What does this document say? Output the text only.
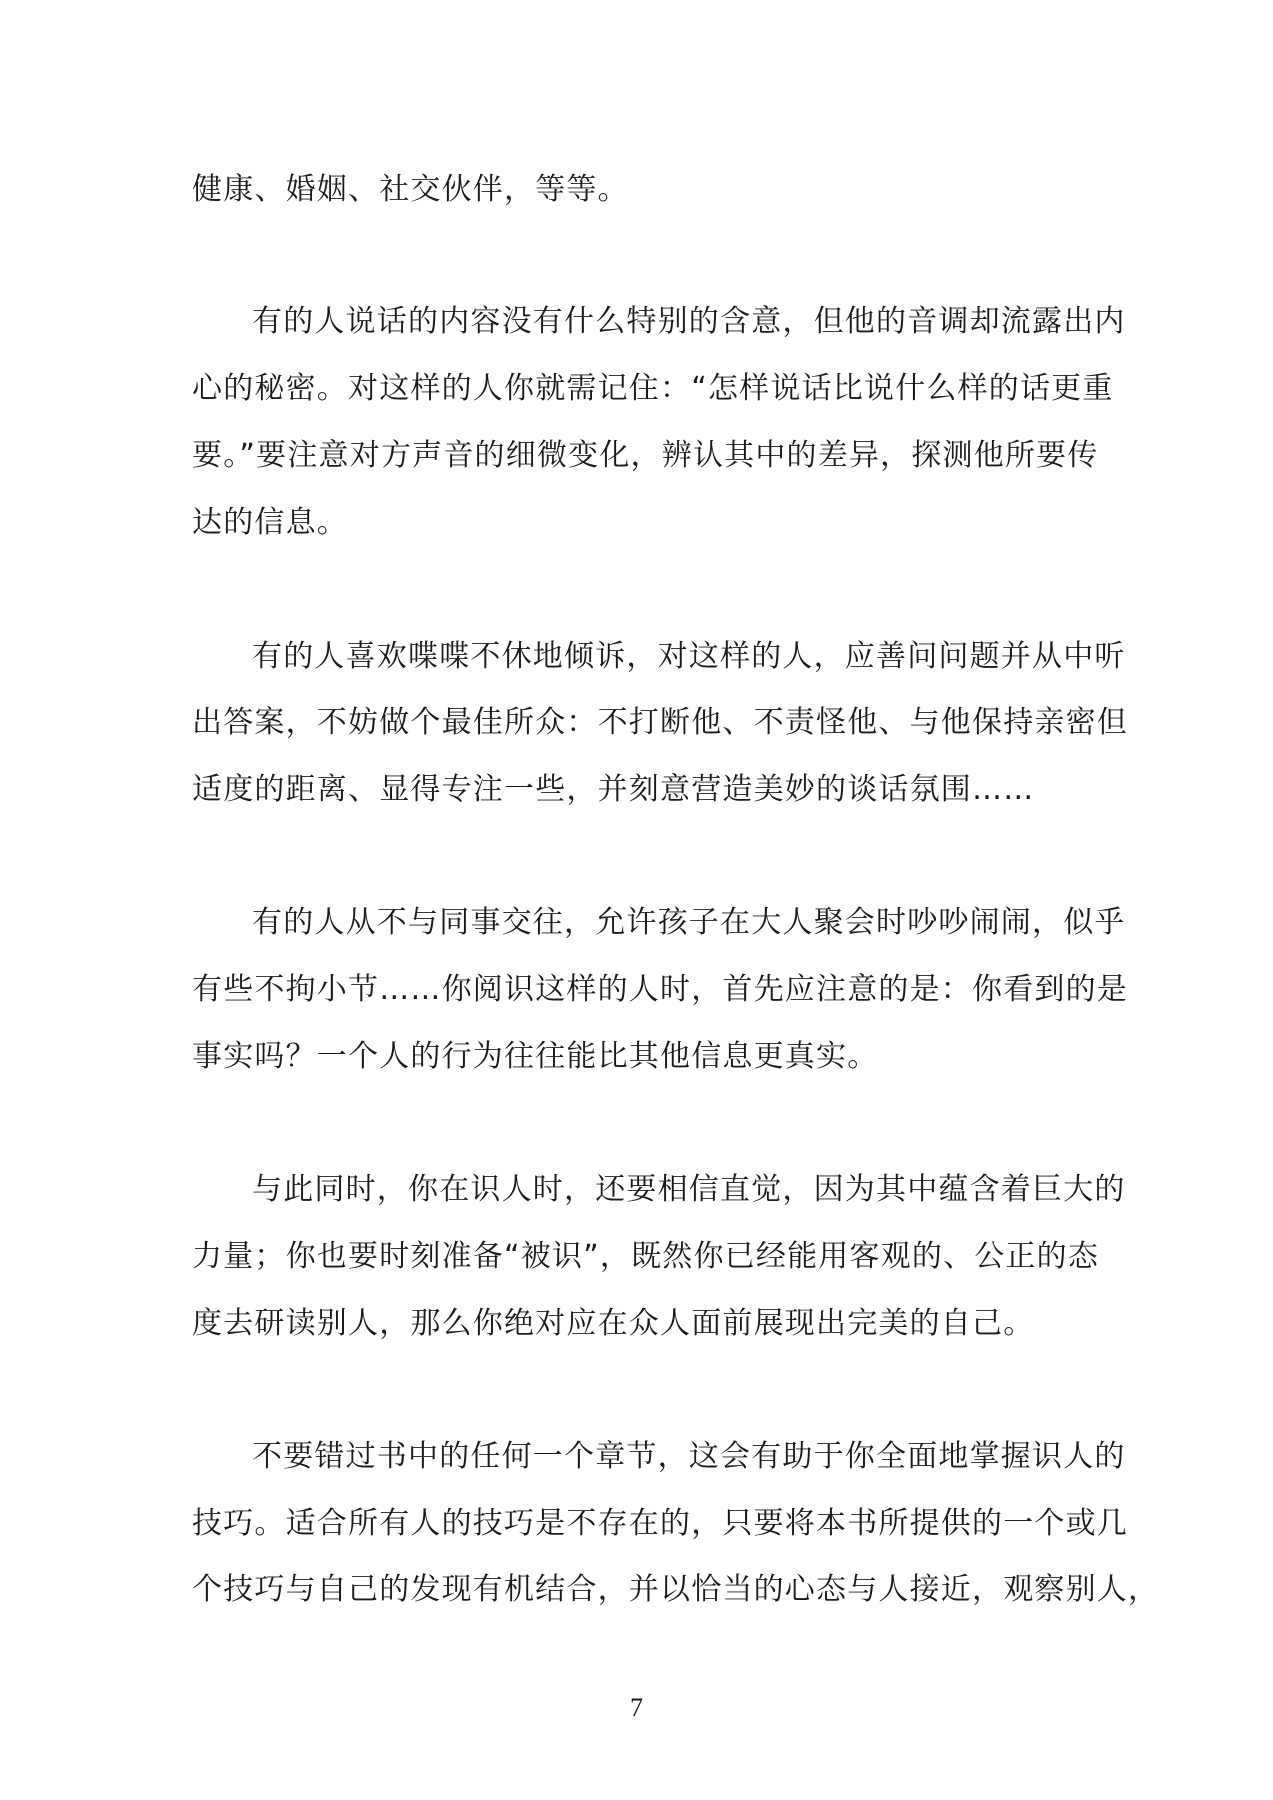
健康、婚姻、社交伙伴，等等。
有的人说话的内容没有什么特别的含意，但他的音调却流露出内
心的秘密。对这样的人你就需记住：“怎样说话比说什么样的话更重
要。”要注意对方声音的细微变化，辨认其中的差异，探测他所要传
达的信息。
有的人喜欢喋喋不休地倾诉，对这样的人，应善问问题并从中听
出答案，不妨做个最佳所众：不打断他、不责怪他、与他保持亲密但
适度的距离、显得专注一些，并刻意营造美妙的谈话氛围……
有的人从不与同事交往，允许孩子在大人聚会时吵吵闹闹，似乎
有些不拘小节……你阅识这样的人时，首先应注意的是：你看到的是
事实吗？一个人的行为往往能比其他信息更真实。
与此同时，你在识人时，还要相信直觉，因为其中蕴含着巨大的
力量；你也要时刻准备“被识”，既然你已经能用客观的、公正的态
度去研读别人，那么你绝对应在众人面前展现出完美的自己。
不要错过书中的任何一个章节，这会有助于你全面地掌握识人的
技巧。适合所有人的技巧是不存在的，只要将本书所提供的一个或几
个技巧与自己的发现有机结合，并以恰当的心态与人接近，观察别人，
7
